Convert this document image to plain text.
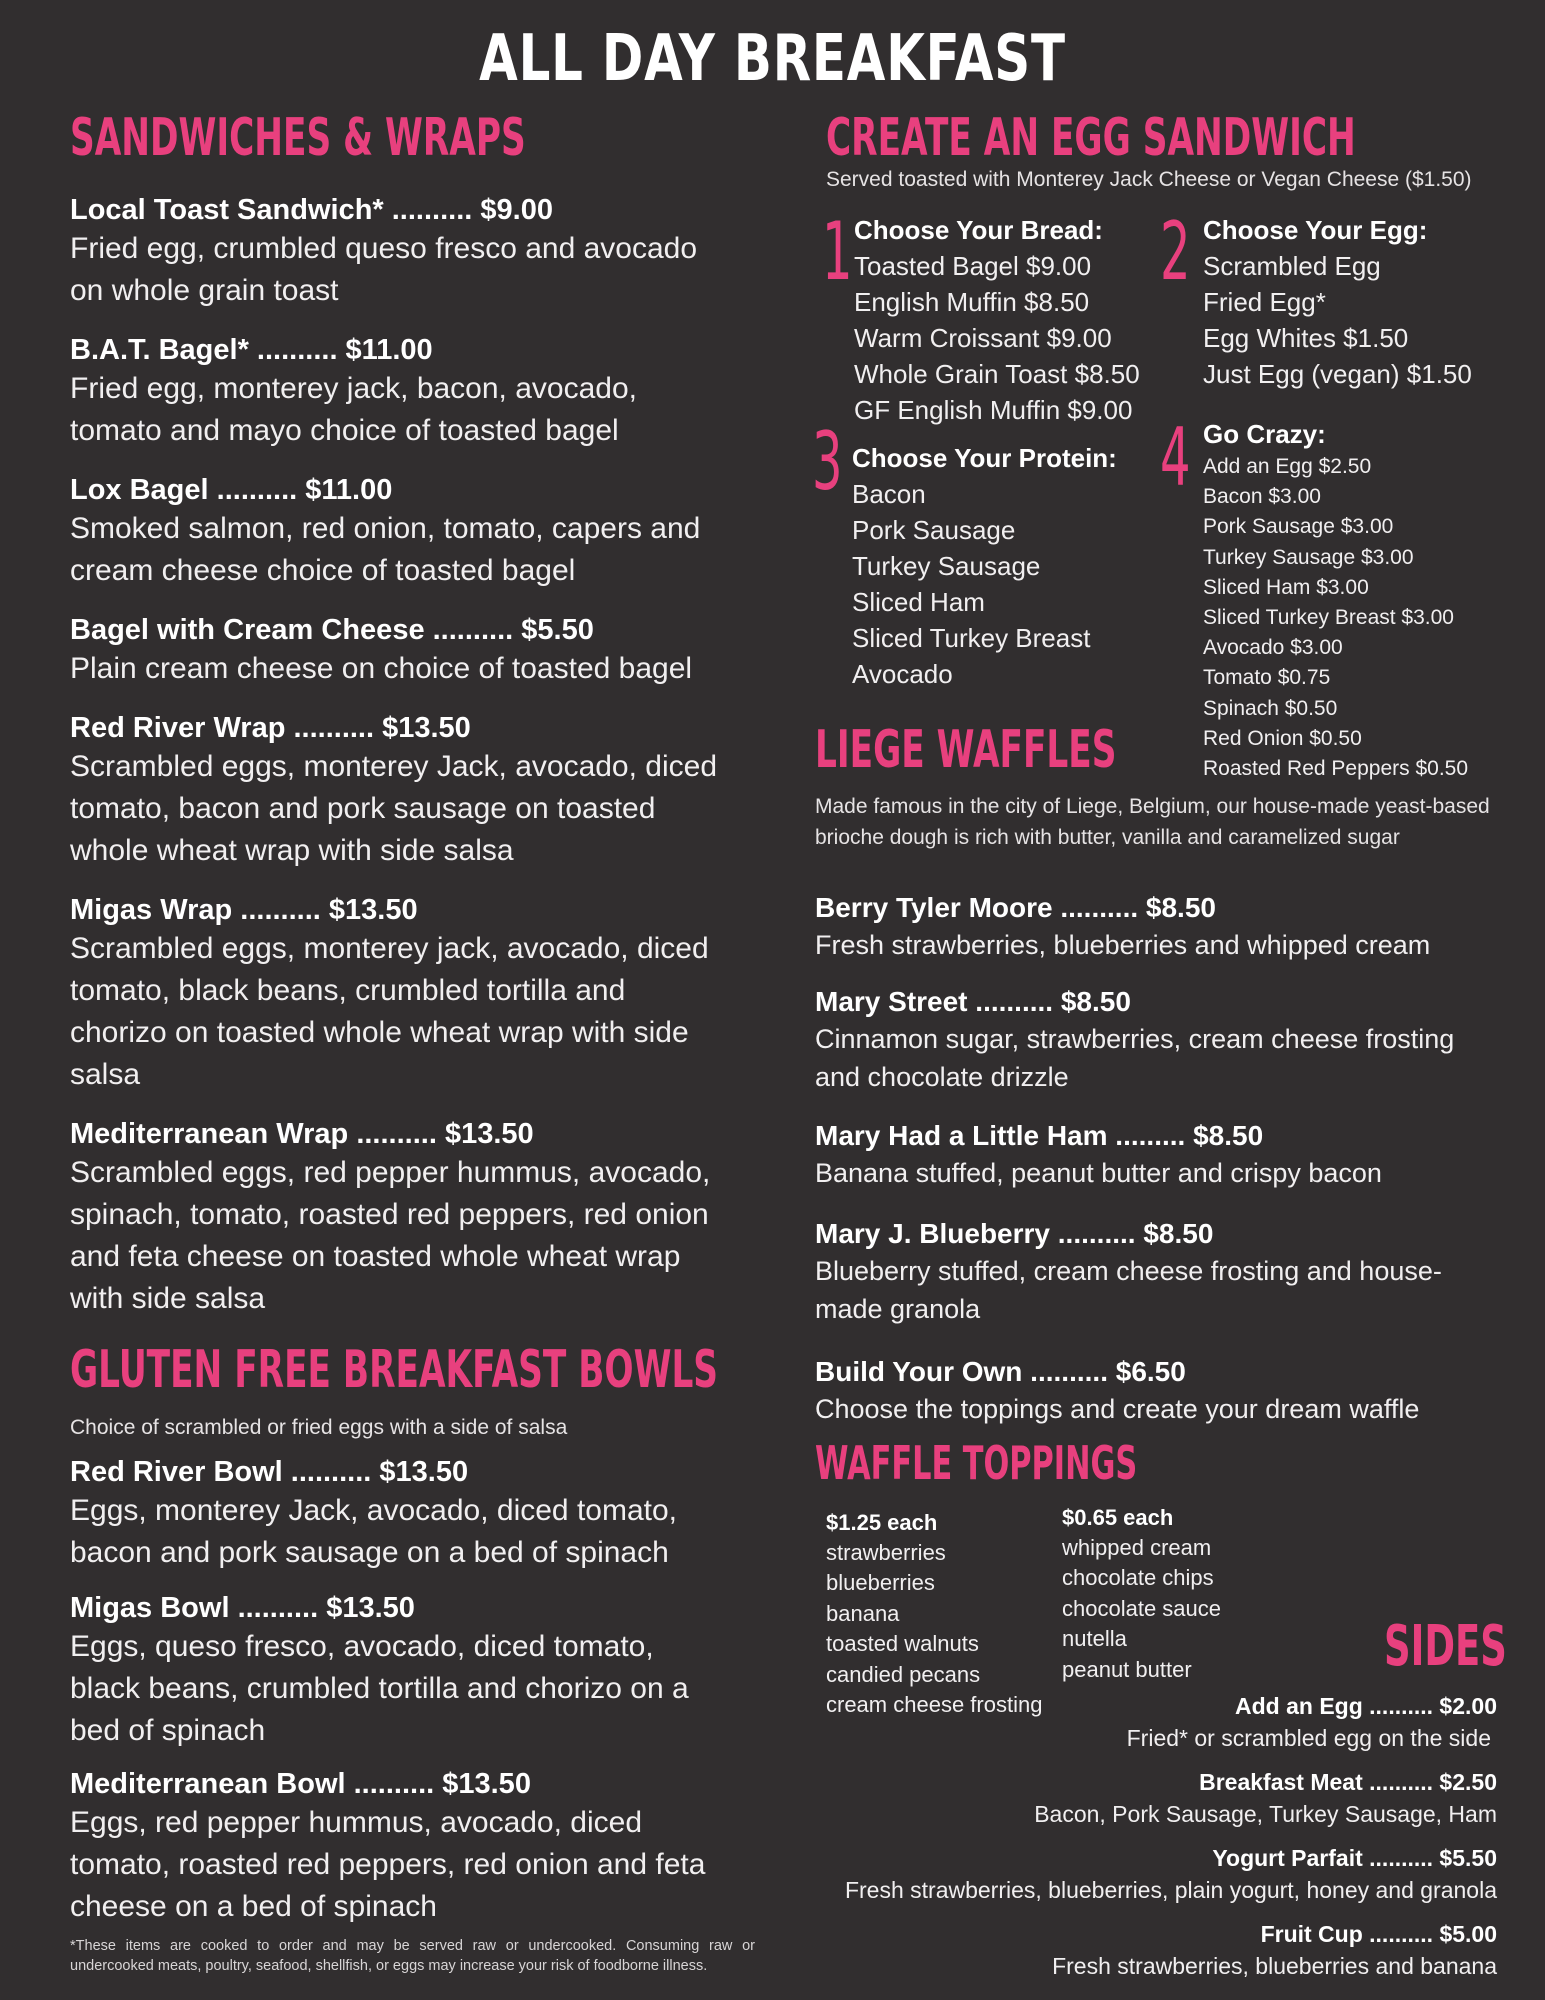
ALL DAY BREAKFAST
SANDWICHES & WRAPS
Local Toast Sandwich* .......... $9.00
Fried egg, crumbled queso fresco and avocado on whole grain toast
B.A.T. Bagel* .......... $11.00
Fried egg, monterey jack, bacon, avocado, tomato and mayo choice of toasted bagel
Lox Bagel .......... $11.00
Smoked salmon, red onion, tomato, capers and cream cheese choice of toasted bagel
Bagel with Cream Cheese .......... $5.50
Plain cream cheese on choice of toasted bagel
Red River Wrap .......... $13.50
Scrambled eggs, monterey Jack, avocado, diced tomato, bacon and pork sausage on toasted whole wheat wrap with side salsa
Migas Wrap .......... $13.50
Scrambled eggs, monterey jack, avocado, diced tomato, black beans, crumbled tortilla and chorizo on toasted whole wheat wrap with side salsa
Mediterranean Wrap .......... $13.50
Scrambled eggs, red pepper hummus, avocado, spinach, tomato, roasted red peppers, red onion and feta cheese on toasted whole wheat wrap with side salsa
GLUTEN FREE BREAKFAST BOWLS
Choice of scrambled or fried eggs with a side of salsa
Red River Bowl .......... $13.50
Eggs, monterey Jack, avocado, diced tomato, bacon and pork sausage on a bed of spinach
Migas Bowl .......... $13.50
Eggs, queso fresco, avocado, diced tomato, black beans, crumbled tortilla and chorizo on a bed of spinach
Mediterranean Bowl .......... $13.50
Eggs, red pepper hummus, avocado, diced tomato, roasted red peppers, red onion and feta cheese on a bed of spinach
*These items are cooked to order and may be served raw or undercooked. Consuming raw or undercooked meats, poultry, seafood, shellfish, or eggs may increase your risk of foodborne illness.
CREATE AN EGG SANDWICH
Served toasted with Monterey Jack Cheese or Vegan Cheese ($1.50)
1 Choose Your Bread:
Toasted Bagel $9.00
English Muffin $8.50
Warm Croissant $9.00
Whole Grain Toast $8.50
GF English Muffin $9.00
2 Choose Your Egg:
Scrambled Egg
Fried Egg*
Egg Whites $1.50
Just Egg (vegan) $1.50
3 Choose Your Protein:
Bacon
Pork Sausage
Turkey Sausage
Sliced Ham
Sliced Turkey Breast
Avocado
4 Go Crazy:
Add an Egg $2.50
Bacon $3.00
Pork Sausage $3.00
Turkey Sausage $3.00
Sliced Ham $3.00
Sliced Turkey Breast $3.00
Avocado $3.00
Tomato $0.75
Spinach $0.50
Red Onion $0.50
Roasted Red Peppers $0.50
LIEGE WAFFLES
Made famous in the city of Liege, Belgium, our house-made yeast-based brioche dough is rich with butter, vanilla and caramelized sugar
Berry Tyler Moore .......... $8.50
Fresh strawberries, blueberries and whipped cream
Mary Street .......... $8.50
Cinnamon sugar, strawberries, cream cheese frosting and chocolate drizzle
Mary Had a Little Ham ......... $8.50
Banana stuffed, peanut butter and crispy bacon
Mary J. Blueberry .......... $8.50
Blueberry stuffed, cream cheese frosting and house-made granola
Build Your Own .......... $6.50
Choose the toppings and create your dream waffle
WAFFLE TOPPINGS
$1.25 each
strawberries
blueberries
banana
toasted walnuts
candied pecans
cream cheese frosting
$0.65 each
whipped cream
chocolate chips
chocolate sauce
nutella
peanut butter	SIDES
Add an Egg .......... $2.00
Fried* or scrambled egg on the side
Breakfast Meat .......... $2.50
Bacon, Pork Sausage, Turkey Sausage, Ham
Yogurt Parfait .......... $5.50
Fresh strawberries, blueberries, plain yogurt, honey and granola
Fruit Cup .......... $5.00
Fresh strawberries, blueberries and banana
